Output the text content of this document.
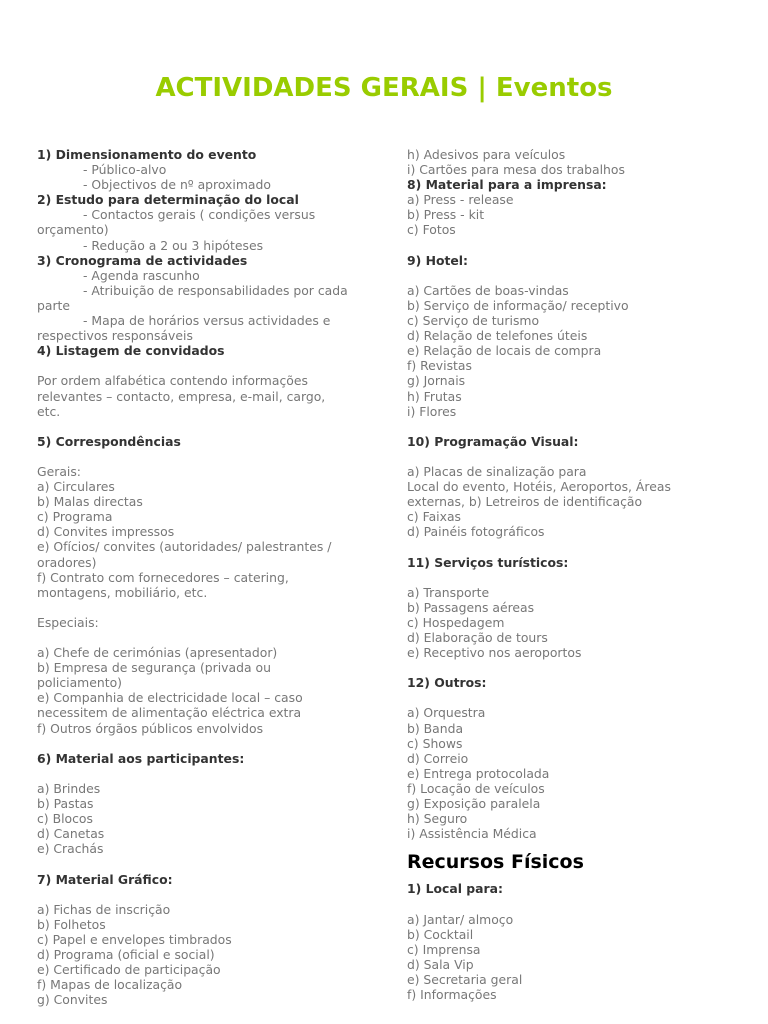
ACTIVIDADES GERAIS | Eventos
1) Dimensionamento do evento
- Público-alvo
- Objectivos de nº aproximado
2) Estudo para determinação do local
- Contactos gerais ( condições versus
orçamento)
- Redução a 2 ou 3 hipóteses
3) Cronograma de actividades
- Agenda rascunho
- Atribuição de responsabilidades por cada
parte
- Mapa de horários versus actividades e
respectivos responsáveis
4) Listagem de convidados
Por ordem alfabética contendo informações
relevantes – contacto, empresa, e-mail, cargo,
etc.
5) Correspondências
Gerais:
a) Circulares
b) Malas directas
c) Programa
d) Convites impressos
e) Ofícios/ convites (autoridades/ palestrantes /
oradores)
f) Contrato com fornecedores – catering,
montagens, mobiliário, etc.
Especiais:
a) Chefe de cerimónias (apresentador)
b) Empresa de segurança (privada ou
policiamento)
e) Companhia de electricidade local – caso
necessitem de alimentação eléctrica extra
f) Outros órgãos públicos envolvidos
6) Material aos participantes:
a) Brindes
b) Pastas
c) Blocos
d) Canetas
e) Crachás
7) Material Gráfico:
a) Fichas de inscrição
b) Folhetos
c) Papel e envelopes timbrados
d) Programa (oficial e social)
e) Certificado de participação
f) Mapas de localização
g) Convites
h) Adesivos para veículos
i) Cartões para mesa dos trabalhos
8) Material para a imprensa:
a) Press - release
b) Press - kit
c) Fotos
9) Hotel:
a) Cartões de boas-vindas
b) Serviço de informação/ receptivo
c) Serviço de turismo
d) Relação de telefones úteis
e) Relação de locais de compra
f) Revistas
g) Jornais
h) Frutas
i) Flores
10) Programação Visual:
a) Placas de sinalização para
Local do evento, Hotéis, Aeroportos, Áreas
externas, b) Letreiros de identificação
c) Faixas
d) Painéis fotográficos
11) Serviços turísticos:
a) Transporte
b) Passagens aéreas
c) Hospedagem
d) Elaboração de tours
e) Receptivo nos aeroportos
12) Outros:
a) Orquestra
b) Banda
c) Shows
d) Correio
e) Entrega protocolada
f) Locação de veículos
g) Exposição paralela
h) Seguro
i) Assistência Médica
Recursos Físicos
1) Local para:
a) Jantar/ almoço
b) Cocktail
c) Imprensa
d) Sala Vip
e) Secretaria geral
f) Informações
